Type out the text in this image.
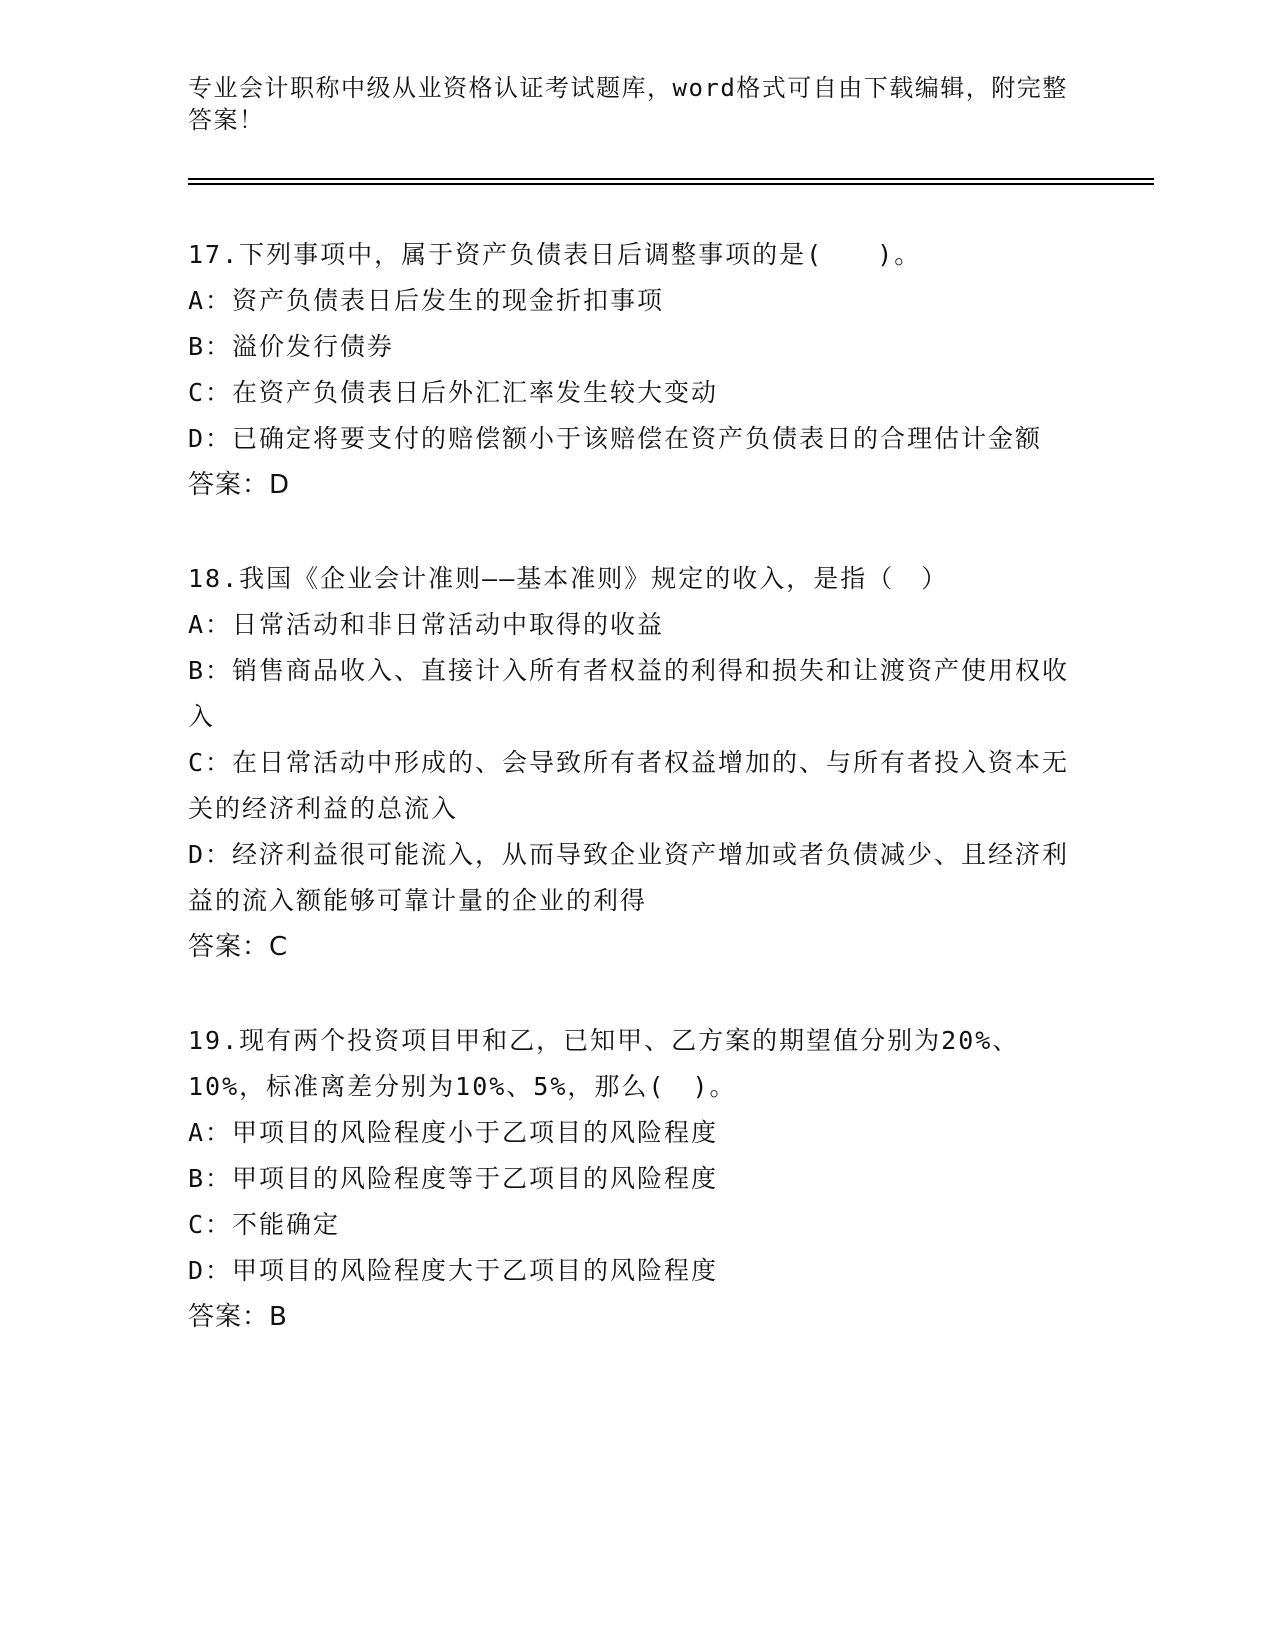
专业会计职称中级从业资格认证考试题库，word格式可自由下载编辑，附完整答案！
17.下列事项中，属于资产负债表日后调整事项的是(　　)。
A：资产负债表日后发生的现金折扣事项
B：溢价发行债券
C：在资产负债表日后外汇汇率发生较大变动
D：已确定将要支付的赔偿额小于该赔偿在资产负债表日的合理估计金额
答案：D
18.我国《企业会计准则——基本准则》规定的收入，是指（　）
A：日常活动和非日常活动中取得的收益
B：销售商品收入、直接计入所有者权益的利得和损失和让渡资产使用权收入
C：在日常活动中形成的、会导致所有者权益增加的、与所有者投入资本无关的经济利益的总流入
D：经济利益很可能流入，从而导致企业资产增加或者负债减少、且经济利益的流入额能够可靠计量的企业的利得
答案：C
19.现有两个投资项目甲和乙，已知甲、乙方案的期望值分别为20%、10%，标准离差分别为10%、5%，那么(　)。
A：甲项目的风险程度小于乙项目的风险程度
B：甲项目的风险程度等于乙项目的风险程度
C：不能确定
D：甲项目的风险程度大于乙项目的风险程度
答案：B
